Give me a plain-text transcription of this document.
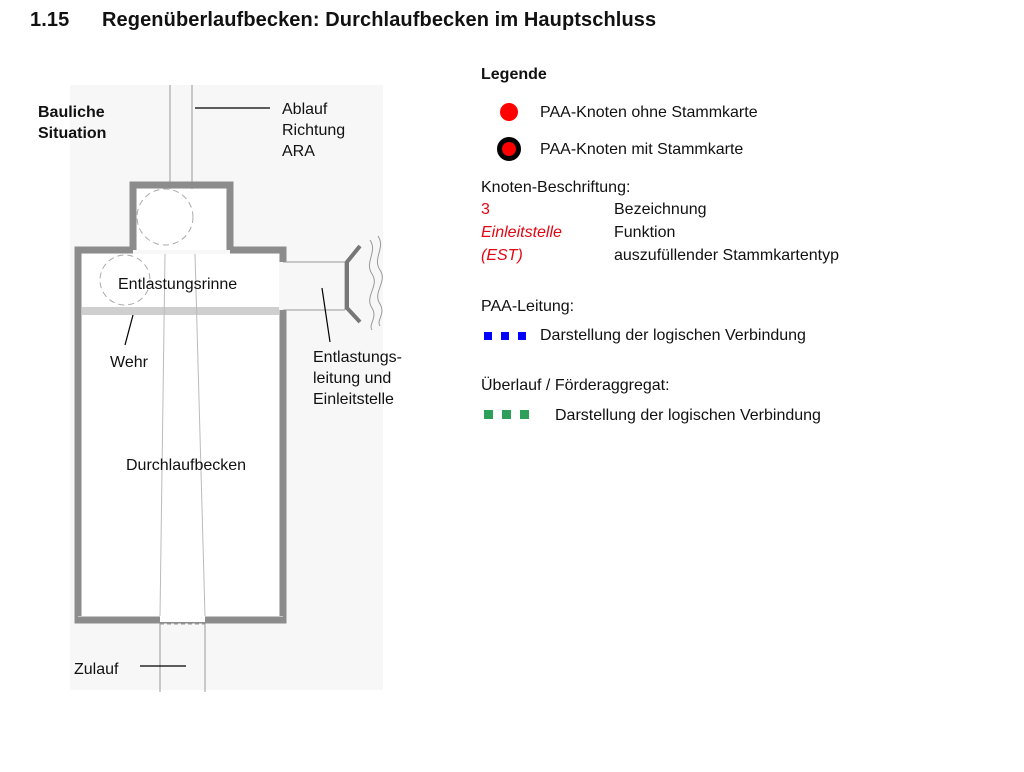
1.15 Regenüberlaufbecken: Durchlaufbecken im Hauptschluss
Bauliche
Situation
Ablauf
Richtung
ARA
Entlastungsrinne
Wehr	Entlastungs-
leitung und
Einleitstelle
Durchlaufbecken
Zulauf
Legende
PAA-Knoten ohne Stammkarte
PAA-Knoten mit Stammkarte
Knoten-Beschriftung:
3	Bezeichnung
Einleitstelle	Funktion
(EST)	auszufüllender Stammkartentyp
PAA-Leitung:
Darstellung der logischen Verbindung
Überlauf / Förderaggregat:
Darstellung der logischen Verbindung
